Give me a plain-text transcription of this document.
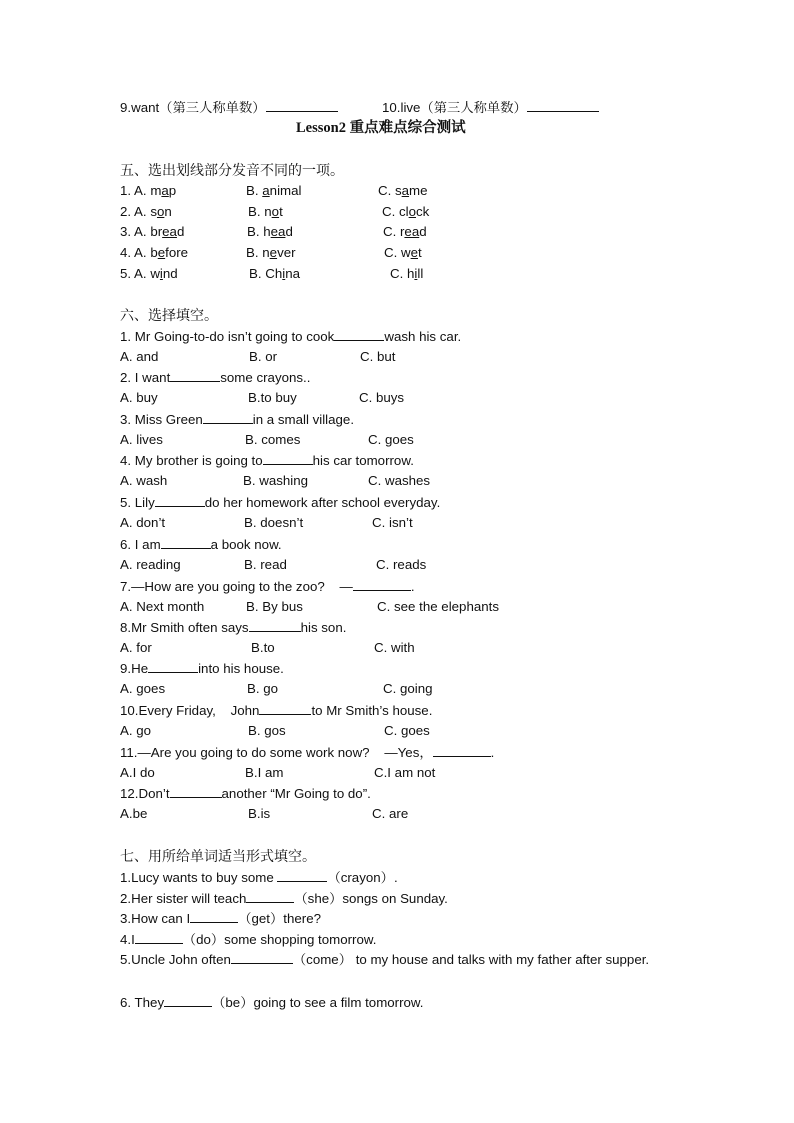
9.want（第三人称单数）	10.live（第三人称单数）
Lesson2 重点难点综合测试
五、选出划线部分发音不同的一项。
1. A. map	B. animal	C. same
2. A. son	B. not	C. clock
3. A. bread	B. head	C. read
4. A. before	B. never	C. wet
5. A. wind	B. China	C. hill
六、选择填空。
1. Mr Going-to-do isn’t going to cook	wash his car.
A. and	B. or	C. but
2. I want	some crayons..
A. buy	B.to buy	C. buys
3. Miss Green	in a small village.
A. lives	B. comes	C. goes
4. My brother is going to	his car tomorrow.
A. wash	B. washing	C. washes
5. Lily	do her homework after school everyday.
A. don’t	B. doesn’t	C. isn’t
6. I am	a book now.
A. reading	B. read	C. reads
7.—How are you going to the zoo?    —	.
A. Next month	B. By bus	C. see the elephants
8.Mr Smith often says	his son.
A. for	B.to	C. with
9.He	into his house.
A. goes	B. go	C. going
10.Every Friday,    John	to Mr Smith’s house.
A. go	B. gos	C. goes
11.—Are you going to do some work now?    —Yes，	.
A.I do	B.I am	C.I am not
12.Don’t	another “Mr Going to do”.
A.be	B.is	C. are
七、用所给单词适当形式填空。
1.Lucy wants to buy some	（crayon）.
2.Her sister will teach	（she）songs on Sunday.
3.How can I	（get）there?
4.I	（do）some shopping tomorrow.
5.Uncle John often	（come） to my house and talks with my father after supper.
6. They	（be）going to see a film tomorrow.
